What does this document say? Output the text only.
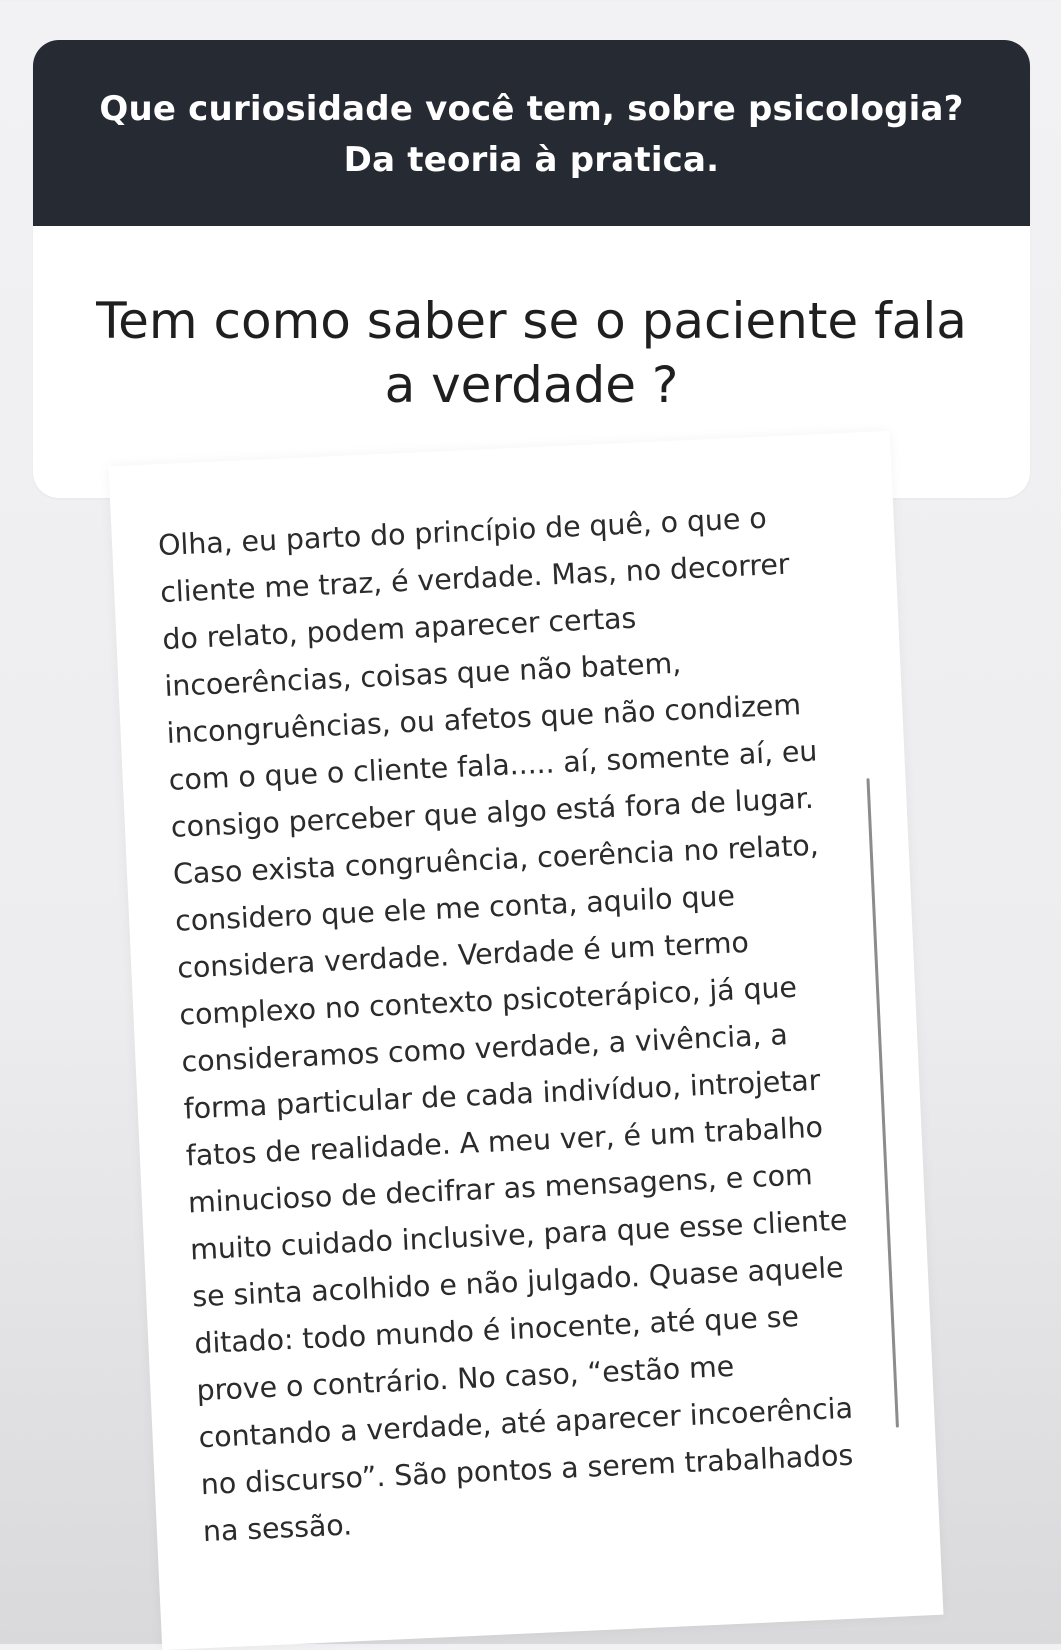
Que curiosidade você tem, sobre psicologia?
Da teoria à pratica.
Tem como saber se o paciente fala
a verdade ?
Olha, eu parto do princípio de quê, o que o
cliente me traz, é verdade. Mas, no decorrer
do relato, podem aparecer certas
incoerências, coisas que não batem,
incongruências, ou afetos que não condizem
com o que o cliente fala..... aí, somente aí, eu
consigo perceber que algo está fora de lugar.
Caso exista congruência, coerência no relato,
considero que ele me conta, aquilo que
considera verdade. Verdade é um termo
complexo no contexto psicoterápico, já que
consideramos como verdade, a vivência, a
forma particular de cada indivíduo, introjetar
fatos de realidade. A meu ver, é um trabalho
minucioso de decifrar as mensagens, e com
muito cuidado inclusive, para que esse cliente
se sinta acolhido e não julgado. Quase aquele
ditado: todo mundo é inocente, até que se
prove o contrário. No caso, “estão me
contando a verdade, até aparecer incoerência
no discurso”. São pontos a serem trabalhados
na sessão.
